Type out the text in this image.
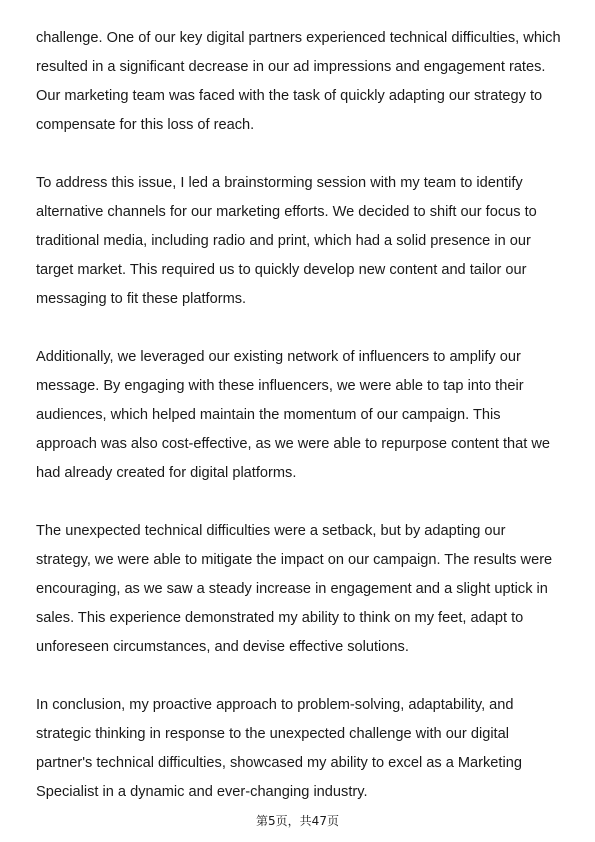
challenge. One of our key digital partners experienced technical difficulties, which resulted in a significant decrease in our ad impressions and engagement rates. Our marketing team was faced with the task of quickly adapting our strategy to compensate for this loss of reach.

To address this issue, I led a brainstorming session with my team to identify alternative channels for our marketing efforts. We decided to shift our focus to traditional media, including radio and print, which had a solid presence in our target market. This required us to quickly develop new content and tailor our messaging to fit these platforms.

Additionally, we leveraged our existing network of influencers to amplify our message. By engaging with these influencers, we were able to tap into their audiences, which helped maintain the momentum of our campaign. This approach was also cost-effective, as we were able to repurpose content that we had already created for digital platforms.

The unexpected technical difficulties were a setback, but by adapting our strategy, we were able to mitigate the impact on our campaign. The results were encouraging, as we saw a steady increase in engagement and a slight uptick in sales. This experience demonstrated my ability to think on my feet, adapt to unforeseen circumstances, and devise effective solutions.

In conclusion, my proactive approach to problem-solving, adaptability, and strategic thinking in response to the unexpected challenge with our digital partner's technical difficulties, showcased my ability to excel as a Marketing Specialist in a dynamic and ever-changing industry.

第5页，共47页
